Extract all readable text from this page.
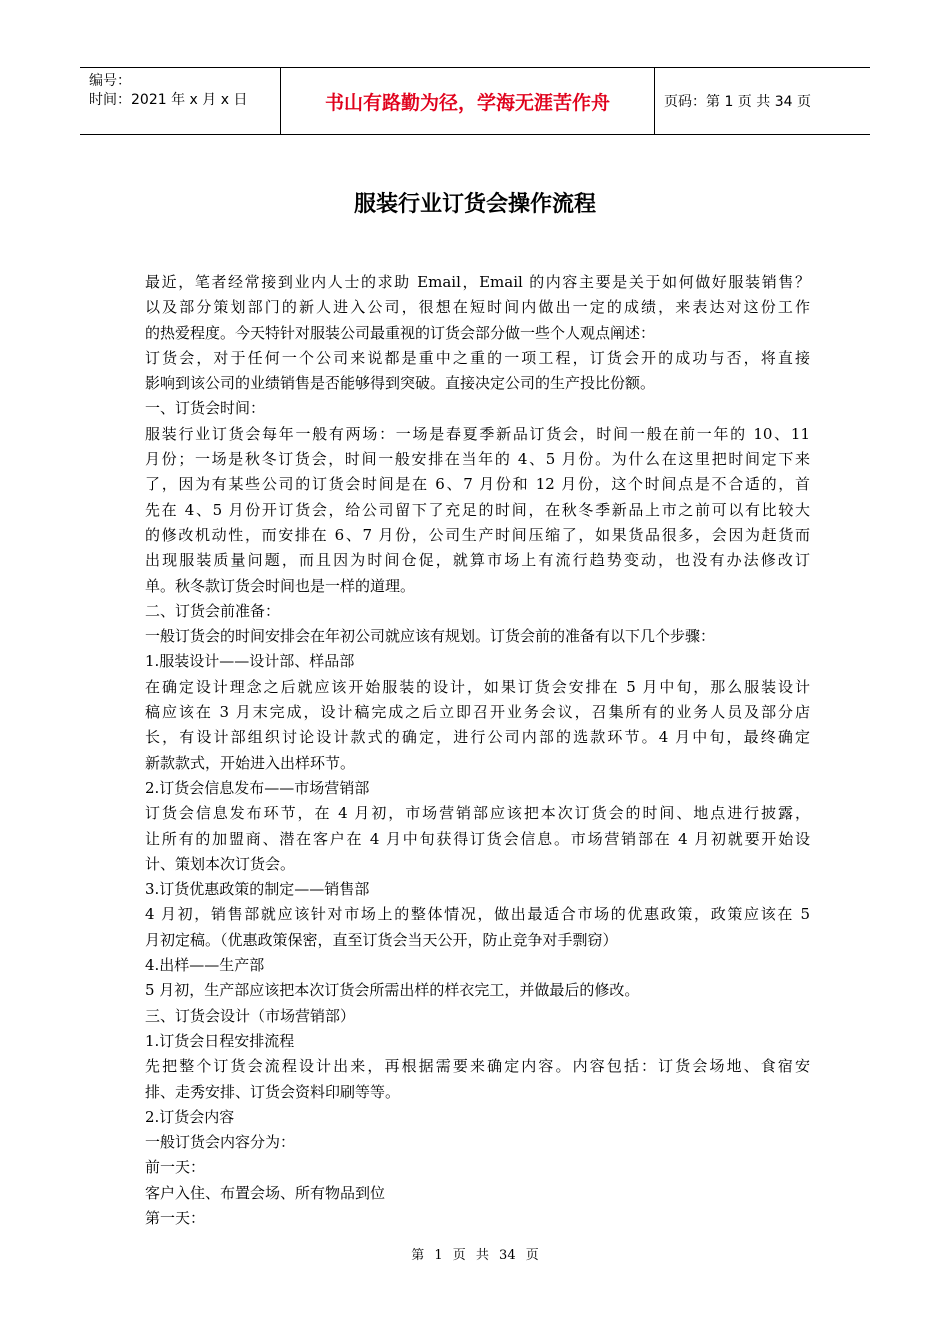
编号：
时间：2021 年 x 月 x 日	书山有路勤为径，学海无涯苦作舟	页码：第 1 页 共 34 页
服装行业订货会操作流程
最近，笔者经常接到业内人士的求助 Email，Email 的内容主要是关于如何做好服装销售？
以及部分策划部门的新人进入公司，很想在短时间内做出一定的成绩，来表达对这份工作
的热爱程度。今天特针对服装公司最重视的订货会部分做一些个人观点阐述：
订货会，对于任何一个公司来说都是重中之重的一项工程，订货会开的成功与否，将直接
影响到该公司的业绩销售是否能够得到突破。直接决定公司的生产投比份额。
一、订货会时间：
服装行业订货会每年一般有两场：一场是春夏季新品订货会，时间一般在前一年的 10、11
月份；一场是秋冬订货会，时间一般安排在当年的 4、5 月份。为什么在这里把时间定下来
了，因为有某些公司的订货会时间是在 6、7 月份和 12 月份，这个时间点是不合适的，首
先在 4、5 月份开订货会，给公司留下了充足的时间，在秋冬季新品上市之前可以有比较大
的修改机动性，而安排在 6、7 月份，公司生产时间压缩了，如果货品很多，会因为赶货而
出现服装质量问题，而且因为时间仓促，就算市场上有流行趋势变动，也没有办法修改订
单。秋冬款订货会时间也是一样的道理。
二、订货会前准备：
一般订货会的时间安排会在年初公司就应该有规划。订货会前的准备有以下几个步骤：
1.服装设计——设计部、样品部
在确定设计理念之后就应该开始服装的设计，如果订货会安排在 5 月中旬，那么服装设计
稿应该在 3 月末完成，设计稿完成之后立即召开业务会议，召集所有的业务人员及部分店
长，有设计部组织讨论设计款式的确定，进行公司内部的选款环节。4 月中旬，最终确定
新款款式，开始进入出样环节。
2.订货会信息发布——市场营销部
订货会信息发布环节，在 4 月初，市场营销部应该把本次订货会的时间、地点进行披露，
让所有的加盟商、潜在客户在 4 月中旬获得订货会信息。市场营销部在 4 月初就要开始设
计、策划本次订货会。
3.订货优惠政策的制定——销售部
4 月初，销售部就应该针对市场上的整体情况，做出最适合市场的优惠政策，政策应该在 5
月初定稿。（优惠政策保密，直至订货会当天公开，防止竞争对手剽窃）
4.出样——生产部
5 月初，生产部应该把本次订货会所需出样的样衣完工，并做最后的修改。
三、订货会设计（市场营销部）
1.订货会日程安排流程
先把整个订货会流程设计出来，再根据需要来确定内容。内容包括：订货会场地、食宿安
排、走秀安排、订货会资料印刷等等。
2.订货会内容
一般订货会内容分为：
前一天：
客户入住、布置会场、所有物品到位
第一天：
第 1 页 共 34 页
